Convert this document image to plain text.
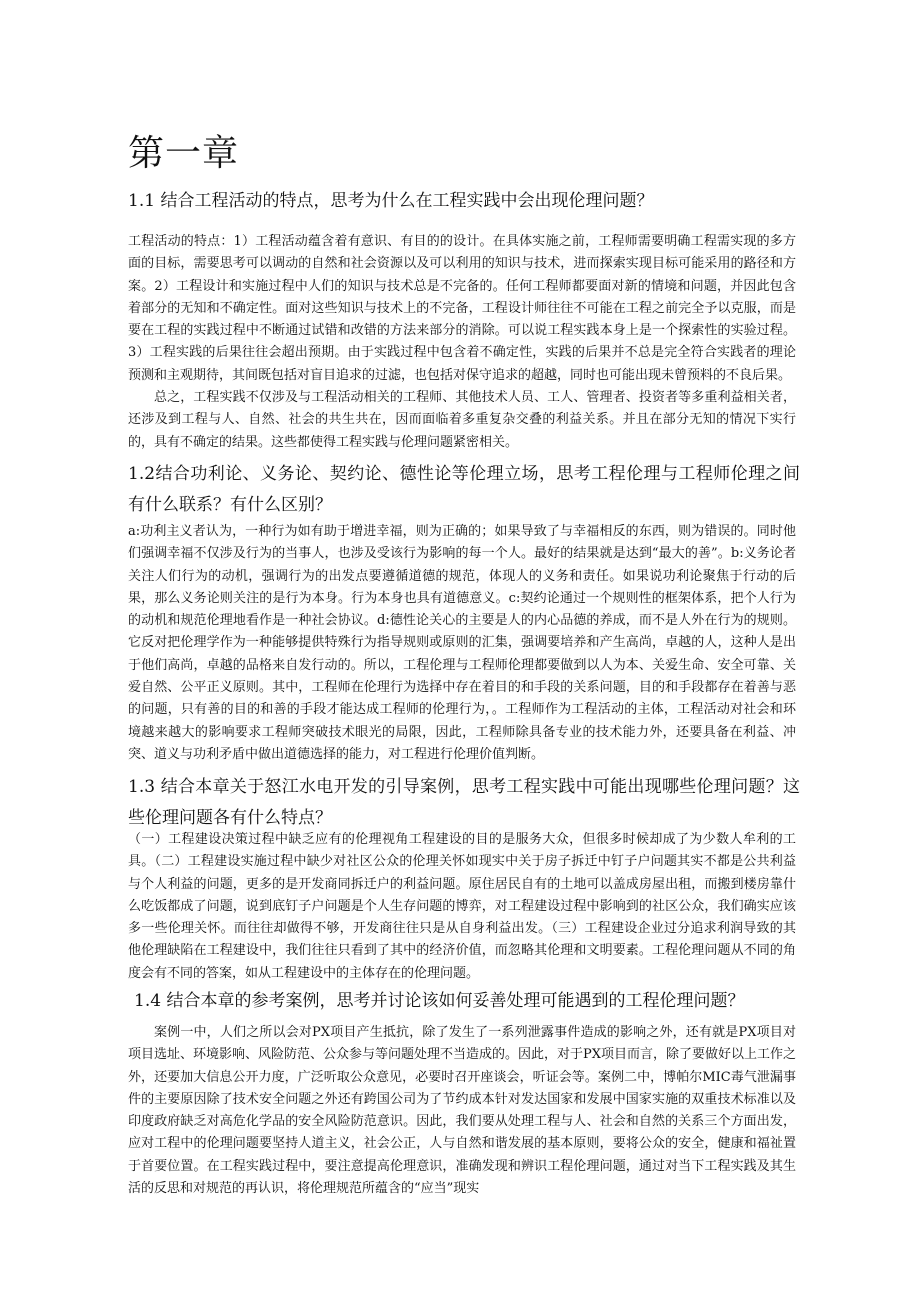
第一章
1.1 结合工程活动的特点，思考为什么在工程实践中会出现伦理问题？

工程活动的特点：1）工程活动蕴含着有意识、有目的的设计。在具体实施之前，工程师需要明确工程需实现的多方面的目标，需要思考可以调动的自然和社会资源以及可以利用的知识与技术，进而探索实现目标可能采用的路径和方案。2）工程设计和实施过程中人们的知识与技术总是不完备的。任何工程师都要面对新的情境和问题，并因此包含着部分的无知和不确定性。面对这些知识与技术上的不完备，工程设计师往往不可能在工程之前完全予以克服，而是要在工程的实践过程中不断通过试错和改错的方法来部分的消除。可以说工程实践本身上是一个探索性的实验过程。3）工程实践的后果往往会超出预期。由于实践过程中包含着不确定性，实践的后果并不总是完全符合实践者的理论预测和主观期待，其间既包括对盲目追求的过滤，也包括对保守追求的超越，同时也可能出现未曾预料的不良后果。

总之，工程实践不仅涉及与工程活动相关的工程师、其他技术人员、工人、管理者、投资者等多重利益相关者，还涉及到工程与人、自然、社会的共生共在，因而面临着多重复杂交叠的利益关系。并且在部分无知的情况下实行的，具有不确定的结果。这些都使得工程实践与伦理问题紧密相关。

1.2结合功利论、义务论、契约论、德性论等伦理立场，思考工程伦理与工程师伦理之间有什么联系？有什么区别？

a:功利主义者认为，一种行为如有助于增进幸福，则为正确的；如果导致了与幸福相反的东西，则为错误的。同时他们强调幸福不仅涉及行为的当事人，也涉及受该行为影响的每一个人。最好的结果就是达到“最大的善”。b:义务论者关注人们行为的动机，强调行为的出发点要遵循道德的规范，体现人的义务和责任。如果说功利论聚焦于行动的后果，那么义务论则关注的是行为本身。行为本身也具有道德意义。c:契约论通过一个规则性的框架体系，把个人行为的动机和规范伦理地看作是一种社会协议。d:德性论关心的主要是人的内心品德的养成，而不是人外在行为的规则。它反对把伦理学作为一种能够提供特殊行为指导规则或原则的汇集，强调要培养和产生高尚，卓越的人，这种人是出于他们高尚，卓越的品格来自发行动的。所以，工程伦理与工程师伦理都要做到以人为本、关爱生命、安全可靠、关爱自然、公平正义原则。其中，工程师在伦理行为选择中存在着目的和手段的关系问题，目的和手段都存在着善与恶的问题，只有善的目的和善的手段才能达成工程师的伦理行为，。工程师作为工程活动的主体，工程活动对社会和环境越来越大的影响要求工程师突破技术眼光的局限，因此，工程师除具备专业的技术能力外，还要具备在利益、冲突、道义与功利矛盾中做出道德选择的能力，对工程进行伦理价值判断。

1.3 结合本章关于怒江水电开发的引导案例，思考工程实践中可能出现哪些伦理问题？这些伦理问题各有什么特点？

（一）工程建设决策过程中缺乏应有的伦理视角工程建设的目的是服务大众，但很多时候却成了为少数人牟利的工具。（二）工程建设实施过程中缺少对社区公众的伦理关怀如现实中关于房子拆迁中钉子户问题其实不都是公共利益与个人利益的问题，更多的是开发商同拆迁户的利益问题。原住居民自有的土地可以盖成房屋出租，而搬到楼房靠什么吃饭都成了问题，说到底钉子户问题是个人生存问题的博弈，对工程建设过程中影响到的社区公众，我们确实应该多一些伦理关怀。而往往却做得不够，开发商往往只是从自身利益出发。（三）工程建设企业过分追求利润导致的其他伦理缺陷在工程建设中，我们往往只看到了其中的经济价值，而忽略其伦理和文明要素。工程伦理问题从不同的角度会有不同的答案，如从工程建设中的主体存在的伦理问题。

1.4 结合本章的参考案例，思考并讨论该如何妥善处理可能遇到的工程伦理问题？

案例一中，人们之所以会对PX项目产生抵抗，除了发生了一系列泄露事件造成的影响之外，还有就是PX项目对项目选址、环境影响、风险防范、公众参与等问题处理不当造成的。因此，对于PX项目而言，除了要做好以上工作之外，还要加大信息公开力度，广泛听取公众意见，必要时召开座谈会，听证会等。案例二中，博帕尔MIC毒气泄漏事件的主要原因除了技术安全问题之外还有跨国公司为了节约成本针对发达国家和发展中国家实施的双重技术标准以及印度政府缺乏对高危化学品的安全风险防范意识。因此，我们要从处理工程与人、社会和自然的关系三个方面出发，应对工程中的伦理问题要坚持人道主义，社会公正，人与自然和谐发展的基本原则，要将公众的安全，健康和福祉置于首要位置。在工程实践过程中，要注意提高伦理意识，准确发现和辨识工程伦理问题，通过对当下工程实践及其生活的反思和对规范的再认识，将伦理规范所蕴含的“应当”现实
